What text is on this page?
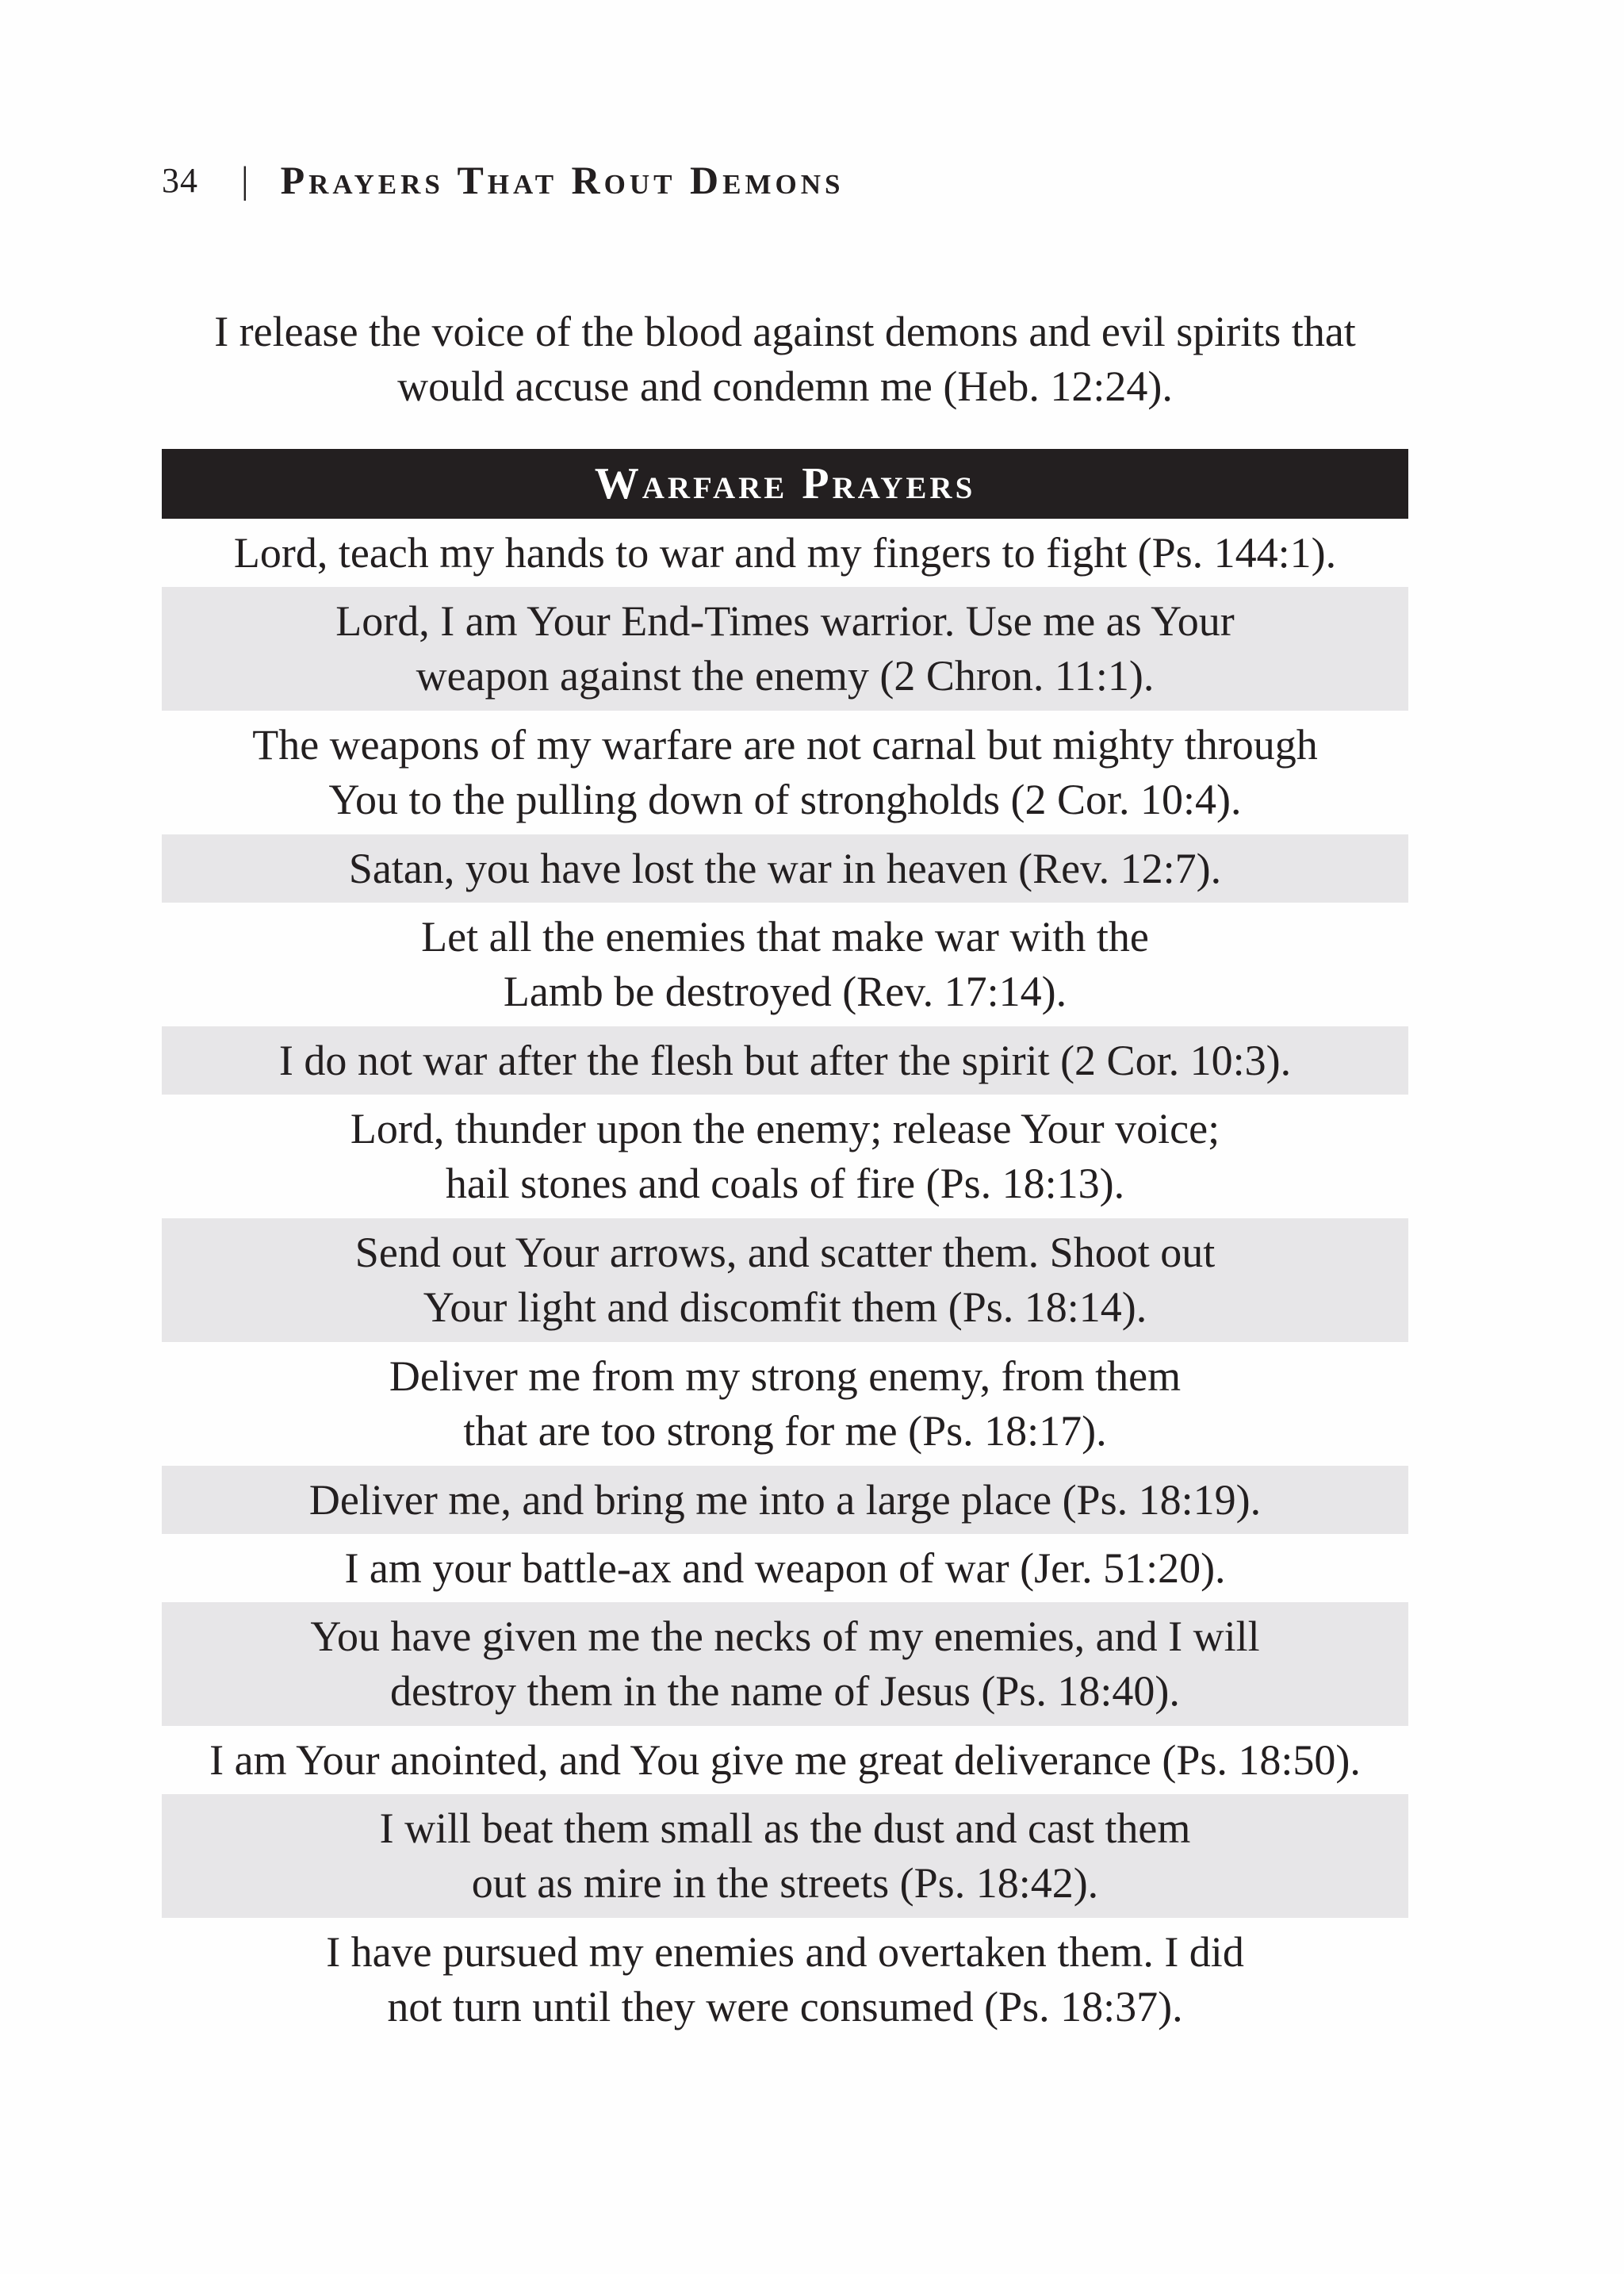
34 | Prayers That Rout Demons

I release the voice of the blood against demons and evil spirits that would accuse and condemn me (Heb. 12:24).

Warfare Prayers
Lord, teach my hands to war and my fingers to fight (Ps. 144:1).
Lord, I am Your End-Times warrior. Use me as Your
weapon against the enemy (2 Chron. 11:1).
The weapons of my warfare are not carnal but mighty through
You to the pulling down of strongholds (2 Cor. 10:4).
Satan, you have lost the war in heaven (Rev. 12:7).
Let all the enemies that make war with the
Lamb be destroyed (Rev. 17:14).
I do not war after the flesh but after the spirit (2 Cor. 10:3).
Lord, thunder upon the enemy; release Your voice;
hail stones and coals of fire (Ps. 18:13).
Send out Your arrows, and scatter them. Shoot out
Your light and discomfit them (Ps. 18:14).
Deliver me from my strong enemy, from them
that are too strong for me (Ps. 18:17).
Deliver me, and bring me into a large place (Ps. 18:19).
I am your battle-ax and weapon of war (Jer. 51:20).
You have given me the necks of my enemies, and I will
destroy them in the name of Jesus (Ps. 18:40).
I am Your anointed, and You give me great deliverance (Ps. 18:50).
I will beat them small as the dust and cast them
out as mire in the streets (Ps. 18:42).
I have pursued my enemies and overtaken them. I did
not turn until they were consumed (Ps. 18:37).
